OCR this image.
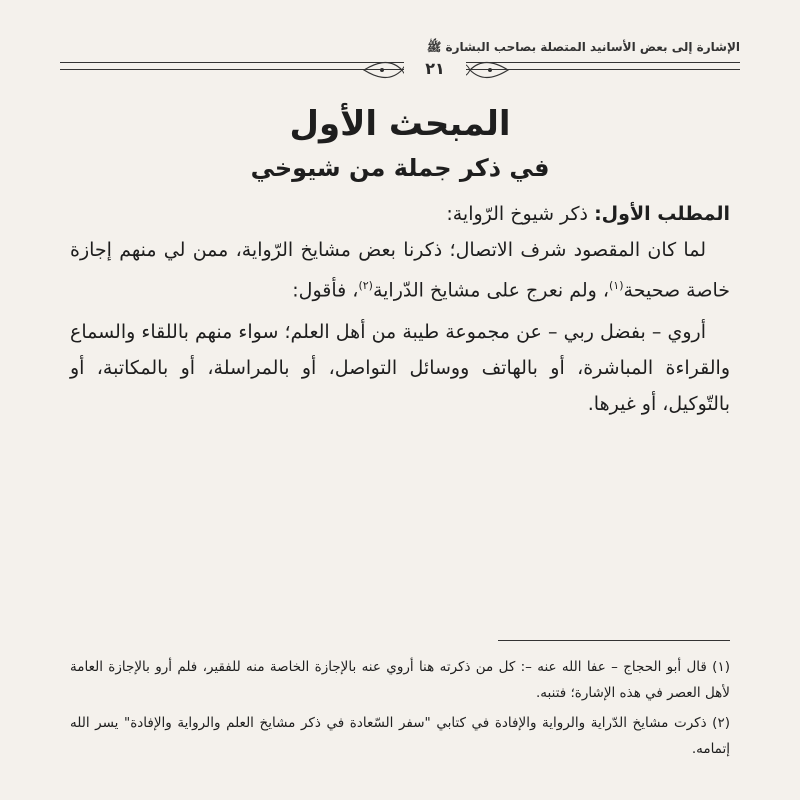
الإشارة إلى بعض الأسانيد المتصلة بصاحب البشارة ﷺ
٢١
المبحث الأول
في ذكر جملة من شيوخي

المطلب الأول: ذكر شيوخ الرّواية:

لما كان المقصود شرف الاتصال؛ ذكرنا بعض مشايخ الرّواية، ممن لي منهم إجازة خاصة صحيحة$^{(١)}$، ولم نعرج على مشايخ الدّراية$^{(٢)}$، فأقول:

أروي – بفضل ربي – عن مجموعة طيبة من أهل العلم؛ سواء منهم باللقاء والسماع والقراءة المباشرة، أو بالهاتف ووسائل التواصل، أو بالمراسلة، أو بالمكاتبة، أو بالتّوكيل، أو غيرها.

(١) قال أبو الحجاج – عفا الله عنه –: كل من ذكرته هنا أروي عنه بالإجازة الخاصة منه للفقير، فلم أرو بالإجازة العامة لأهل العصر في هذه الإشارة؛ فتنبه.

(٢) ذكرت مشايخ الدّراية والرواية والإفادة في كتابي "سفر السّعادة في ذكر مشايخ العلم والرواية والإفادة" يسر الله إتمامه.
